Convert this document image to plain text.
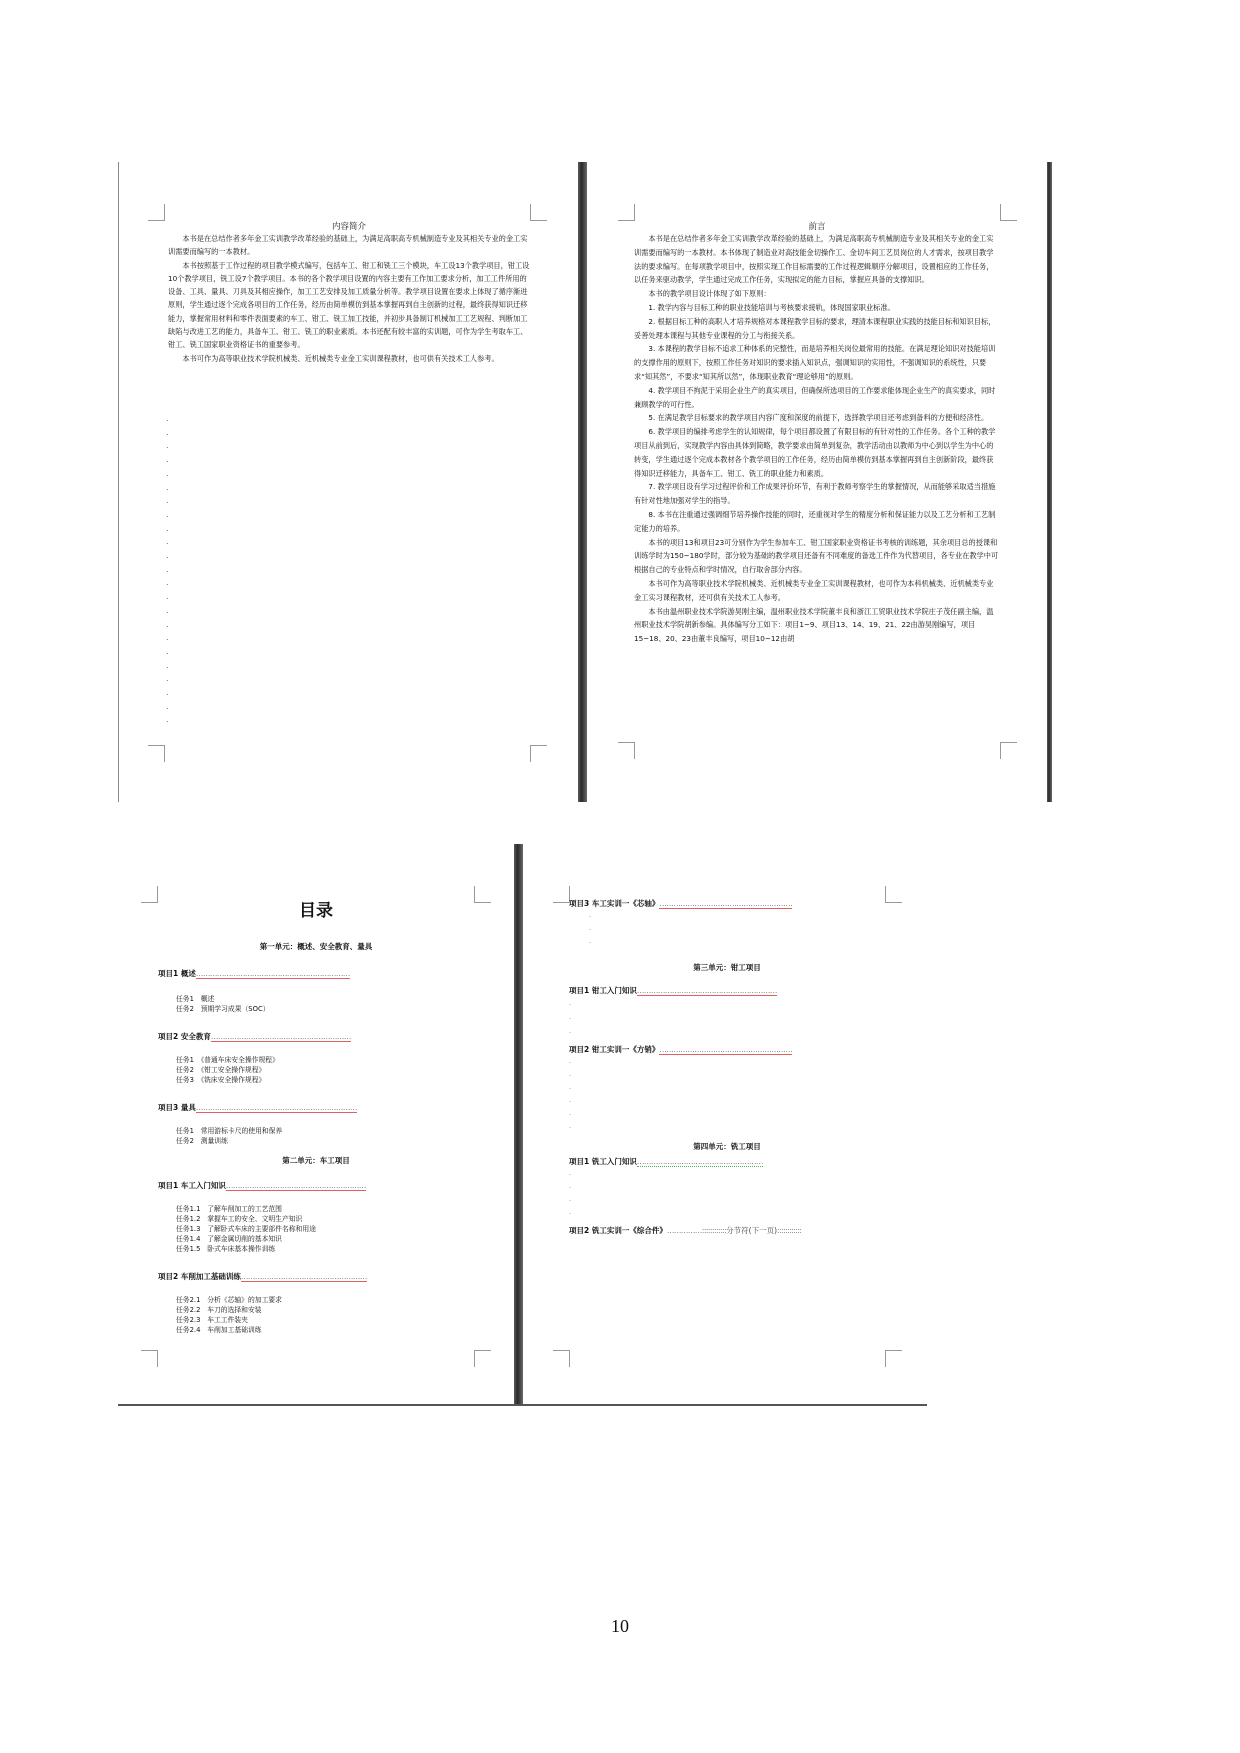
内容简介

本书是在总结作者多年金工实训教学改革经验的基础上，为满足高职高专机械制造专业及其相关专业的金工实训需要而编写的一本教材。

本书按照基于工作过程的项目教学模式编写，包括车工、钳工和铣工三个模块，车工设13个教学项目，钳工设10个教学项目，铣工设7个教学项目。本书的各个教学项目设置的内容主要有工作加工要求分析，加工工件所用的设备、工具、量具、刀具及其相应操作，加工工艺安排及加工质量分析等。教学项目设置在要求上体现了循序渐进原则，学生通过逐个完成各项目的工作任务，经历由简单模仿到基本掌握再到自主创新的过程，最终获得知识迁移能力，掌握常用材料和零件表面要素的车工、钳工、铣工加工技能，并初步具备制订机械加工工艺规程、判断加工缺陷与改进工艺的能力，具备车工、钳工、铣工的职业素质。本书还配有较丰富的实训题，可作为学生考取车工、钳工、铣工国家职业资格证书的重要参考。

本书可作为高等职业技术学院机械类、近机械类专业金工实训课程教材，也可供有关技术工人参考。

.
.
.
.
.
.
.
.
.
.
.
.
.
.
.
.
.
.
.
.
.
.
.
前言

本书是在总结作者多年金工实训教学改革经验的基础上，为满足高职高专机械制造专业及其相关专业的金工实训需要而编写的一本教材。本书体现了制造业对高技能金切操作工、金切车间工艺员岗位的人才需求，按项目教学法的要求编写。在每项教学项目中，按照实现工作目标需要的工作过程逻辑顺序分解项目，设置相应的工作任务，以任务来驱动教学，学生通过完成工作任务，实现拟定的能力目标，掌握应具备的支撑知识。

本书的教学项目设计体现了如下原则：

1. 教学内容与目标工种的职业技能培训与考核要求接轨，体现国家职业标准。

2. 根据目标工种的高职人才培养规格对本课程教学目标的要求，理清本课程职业实践的技能目标和知识目标，妥善处理本课程与其他专业课程的分工与衔接关系。

3. 本课程的教学目标不追求工种体系的完整性，而是培养相关岗位最常用的技能。在满足理论知识对技能培训的支撑作用的原则下，按照工作任务对知识的要求插入知识点，强调知识的实用性，不强调知识的系统性，只要求“知其然”，不要求“知其所以然”，体现职业教育“理论够用”的原则。

4. 教学项目不拘泥于采用企业生产的真实项目，但确保所选项目的工作要求能体现企业生产的真实要求，同时兼顾教学的可行性。

5. 在满足教学目标要求的教学项目内容广度和深度的前提下，选择教学项目还考虑到备料的方便和经济性。

6. 教学项目的编排考虑学生的认知规律，每个项目都设置了有限目标的有针对性的工作任务。各个工种的教学项目从前到后，实现教学内容由具体到简略，教学要求由简单到复杂，教学活动由以教师为中心到以学生为中心的转变，学生通过逐个完成本教材各个教学项目的工作任务，经历由简单模仿到基本掌握再到自主创新阶段，最终获得知识迁移能力，具备车工、钳工、铣工的职业能力和素质。

7. 教学项目设有学习过程评价和工作成果评价环节，有利于教师考察学生的掌握情况，从而能够采取适当措施有针对性地加强对学生的指导。

8. 本书在注重通过强调细节培养操作技能的同时，还重视对学生的精度分析和保证能力以及工艺分析和工艺制定能力的培养。

本书的项目13和项目23可分别作为学生参加车工、钳工国家职业资格证书考核的训练题，其余项目总的授课和训练学时为150~180学时，部分较为基础的教学项目还备有不同难度的备选工件作为代替项目，各专业在教学中可根据自己的专业特点和学时情况，自行取舍部分内容。

本书可作为高等职业技术学院机械类、近机械类专业金工实训课程教材，也可作为本科机械类、近机械类专业金工实习课程教材，还可供有关技术工人参考。

本书由温州职业技术学院游昊刚主编，温州职业技术学院董丰良和浙江工贸职业技术学院庄子茂任副主编，温州职业技术学院胡新参编。具体编写分工如下：项目1~9、项目13、14、19、21、22由游昊刚编写，项目15~18、20、23由董丰良编写，项目10~12由胡

目录
第一单元：概述、安全教育、量具
项目1 概述…………………………………………………………
任务1　概述
任务2　预期学习成果（SOC）
项目2 安全教育……………………………………………………
任务1　《普通车床安全操作规程》
任务2　《钳工安全操作规程》
任务3　《铣床安全操作规程》
项目3 量具……………………………………………………………
任务1　常用游标卡尺的使用和保养
任务2　测量训练
第二单元：车工项目
项目1 车工入门知识……………………………………………………
任务1.1　了解车削加工的工艺范围
任务1.2　掌握车工的安全、文明生产知识
任务1.3　了解卧式车床的主要部件名称和用途
任务1.4　了解金属切削的基本知识
任务1.5　卧式车床基本操作训练
项目2 车削加工基础训练………………………………………………
任务2.1　分析《芯轴》的加工要求
任务2.2　车刀的选择和安装
任务2.3　车工工件装夹
任务2.4　车削加工基础训练
项目3 车工实训一《芯轴》…………………………………………………
.
.
.
第三单元：钳工项目
项目1 钳工入门知识……………………………………………………
.
.
.
项目2 钳工实训一《方销》…………………………………………………
.
.
.
.
.
.
第四单元：铣工项目
项目1 铣工入门知识………………………………………………
.
.
.
.
项目2 铣工实训一《综合件》……………::::::::::::分节符(下一页)::::::::::::
10
